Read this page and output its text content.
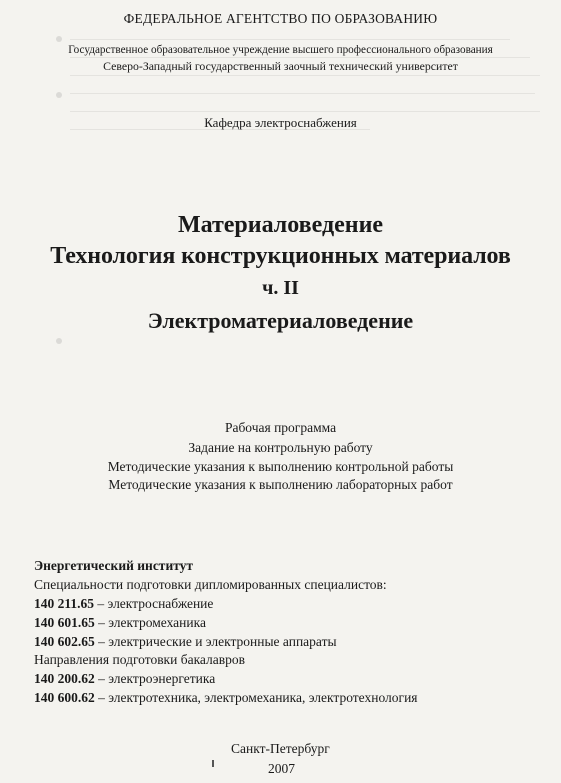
ФЕДЕРАЛЬНОЕ АГЕНТСТВО ПО ОБРАЗОВАНИЮ
Государственное образовательное учреждение высшего профессионального образования
Северо-Западный государственный заочный технический университет
Кафедра электроснабжения
Материаловедение
Технология конструкционных материалов
ч. II
Электроматериаловедение
Рабочая программа
Задание на контрольную работу
Методические указания к выполнению контрольной работы
Методические указания к выполнению лабораторных работ
Энергетический институт
Специальности подготовки дипломированных специалистов:
140 211.65 – электроснабжение
140 601.65 – электромеханика
140 602.65 – электрические и электронные аппараты
Направления подготовки бакалавров
140 200.62 – электроэнергетика
140 600.62 – электротехника, электромеханика, электротехнология
Санкт-Петербург
2007
